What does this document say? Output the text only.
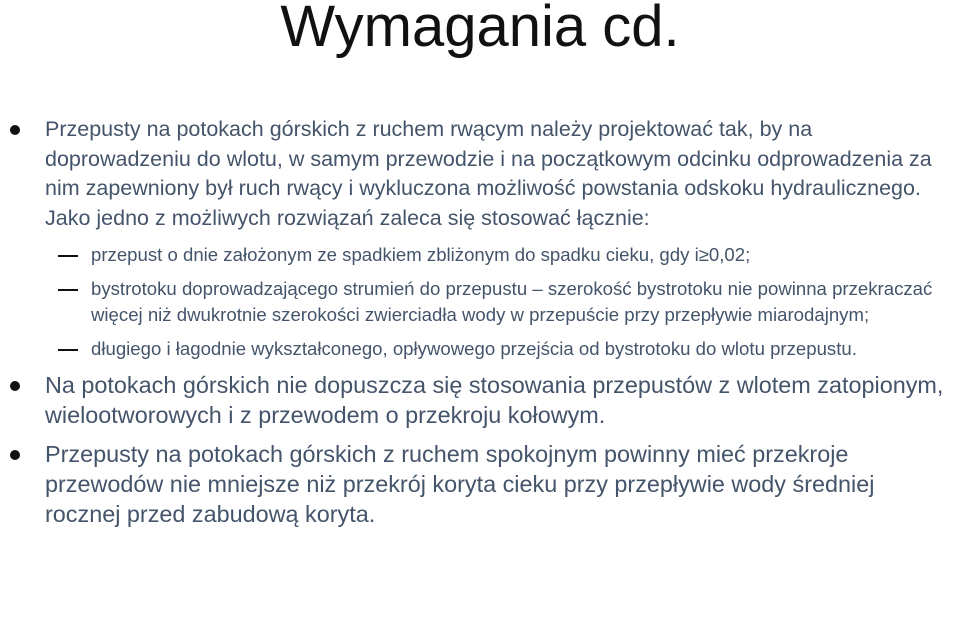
Wymagania cd.
Przepusty na potokach górskich z ruchem rwącym należy projektować tak, by na doprowadzeniu do wlotu, w samym przewodzie i na początkowym odcinku odprowadzenia za nim zapewniony był ruch rwący i wykluczona możliwość powstania odskoku hydraulicznego. Jako jedno z możliwych rozwiązań zaleca się stosować łącznie:
przepust o dnie założonym ze spadkiem zbliżonym do spadku cieku, gdy i≥0,02;
bystrotoku doprowadzającego strumień do przepustu – szerokość bystrotoku nie powinna przekraczać więcej niż dwukrotnie szerokości zwierciadła wody w przepuście przy przepływie miarodajnym;
długiego i łagodnie wykształconego, opływowego przejścia od bystrotoku do wlotu przepustu.
Na potokach górskich nie dopuszcza się stosowania przepustów z wlotem zatopionym, wielootworowych i z przewodem o przekroju kołowym.
Przepusty na potokach górskich z ruchem spokojnym powinny mieć przekroje przewodów nie mniejsze niż przekrój koryta cieku przy przepływie wody średniej rocznej przed zabudową koryta.
